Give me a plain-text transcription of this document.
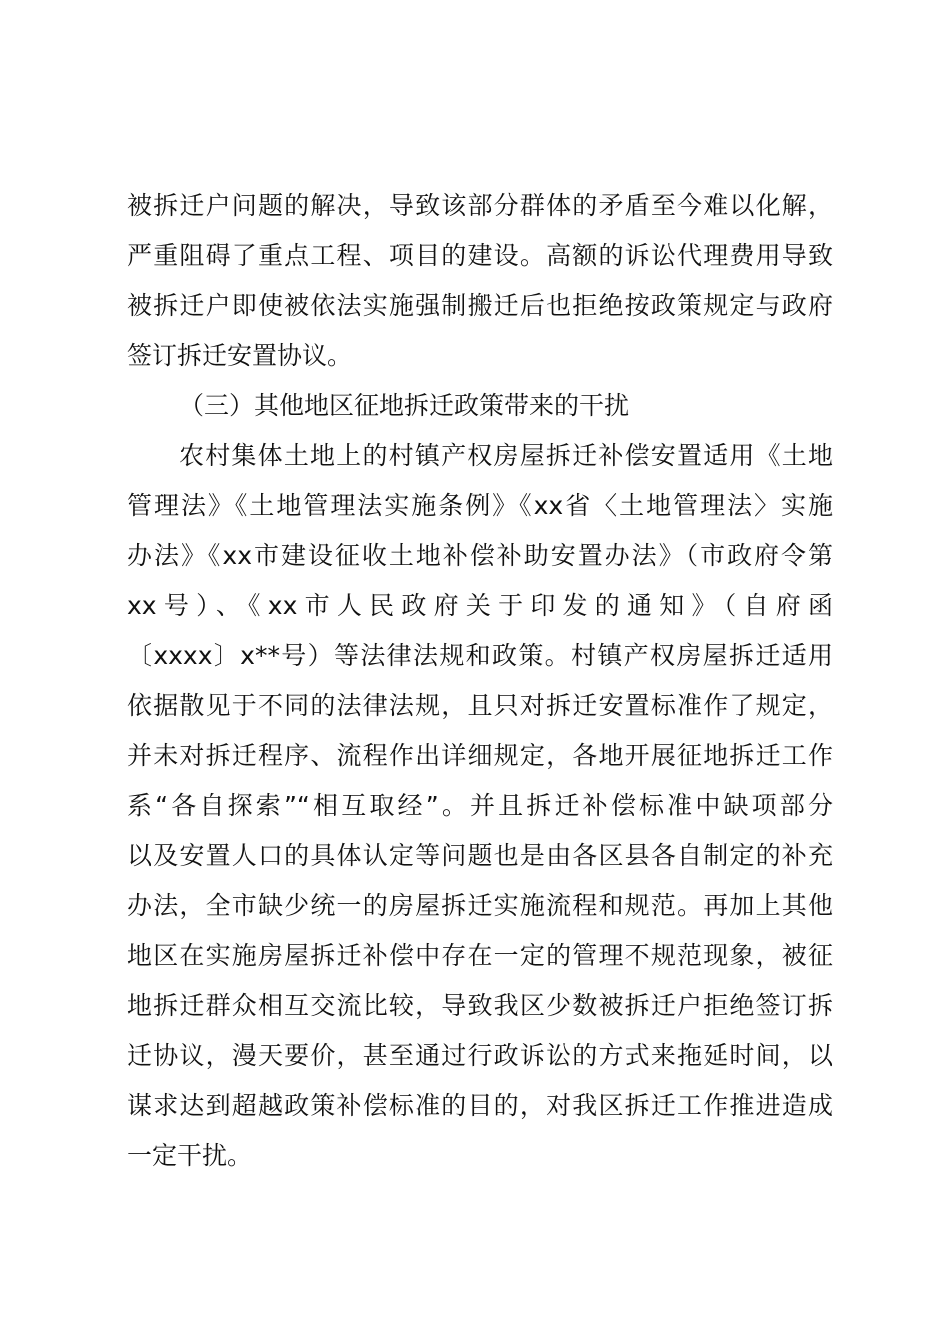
被拆迁户问题的解决，导致该部分群体的矛盾至今难以化解，
严重阻碍了重点工程、项目的建设。高额的诉讼代理费用导致
被拆迁户即使被依法实施强制搬迁后也拒绝按政策规定与政府
签订拆迁安置协议。
（三）其他地区征地拆迁政策带来的干扰
农村集体土地上的村镇产权房屋拆迁补偿安置适用《土地
管理法》《土地管理法实施条例》《xx省〈土地管理法〉实施
办法》《xx市建设征收土地补偿补助安置办法》（市政府令第
xx号）、《xx市人民政府关于印发的通知》（自府函
〔xxxx〕x**号）等法律法规和政策。村镇产权房屋拆迁适用
依据散见于不同的法律法规，且只对拆迁安置标准作了规定，
并未对拆迁程序、流程作出详细规定，各地开展征地拆迁工作
系“各自探索”“相互取经”。并且拆迁补偿标准中缺项部分
以及安置人口的具体认定等问题也是由各区县各自制定的补充
办法，全市缺少统一的房屋拆迁实施流程和规范。再加上其他
地区在实施房屋拆迁补偿中存在一定的管理不规范现象，被征
地拆迁群众相互交流比较，导致我区少数被拆迁户拒绝签订拆
迁协议，漫天要价，甚至通过行政诉讼的方式来拖延时间，以
谋求达到超越政策补偿标准的目的，对我区拆迁工作推进造成
一定干扰。
